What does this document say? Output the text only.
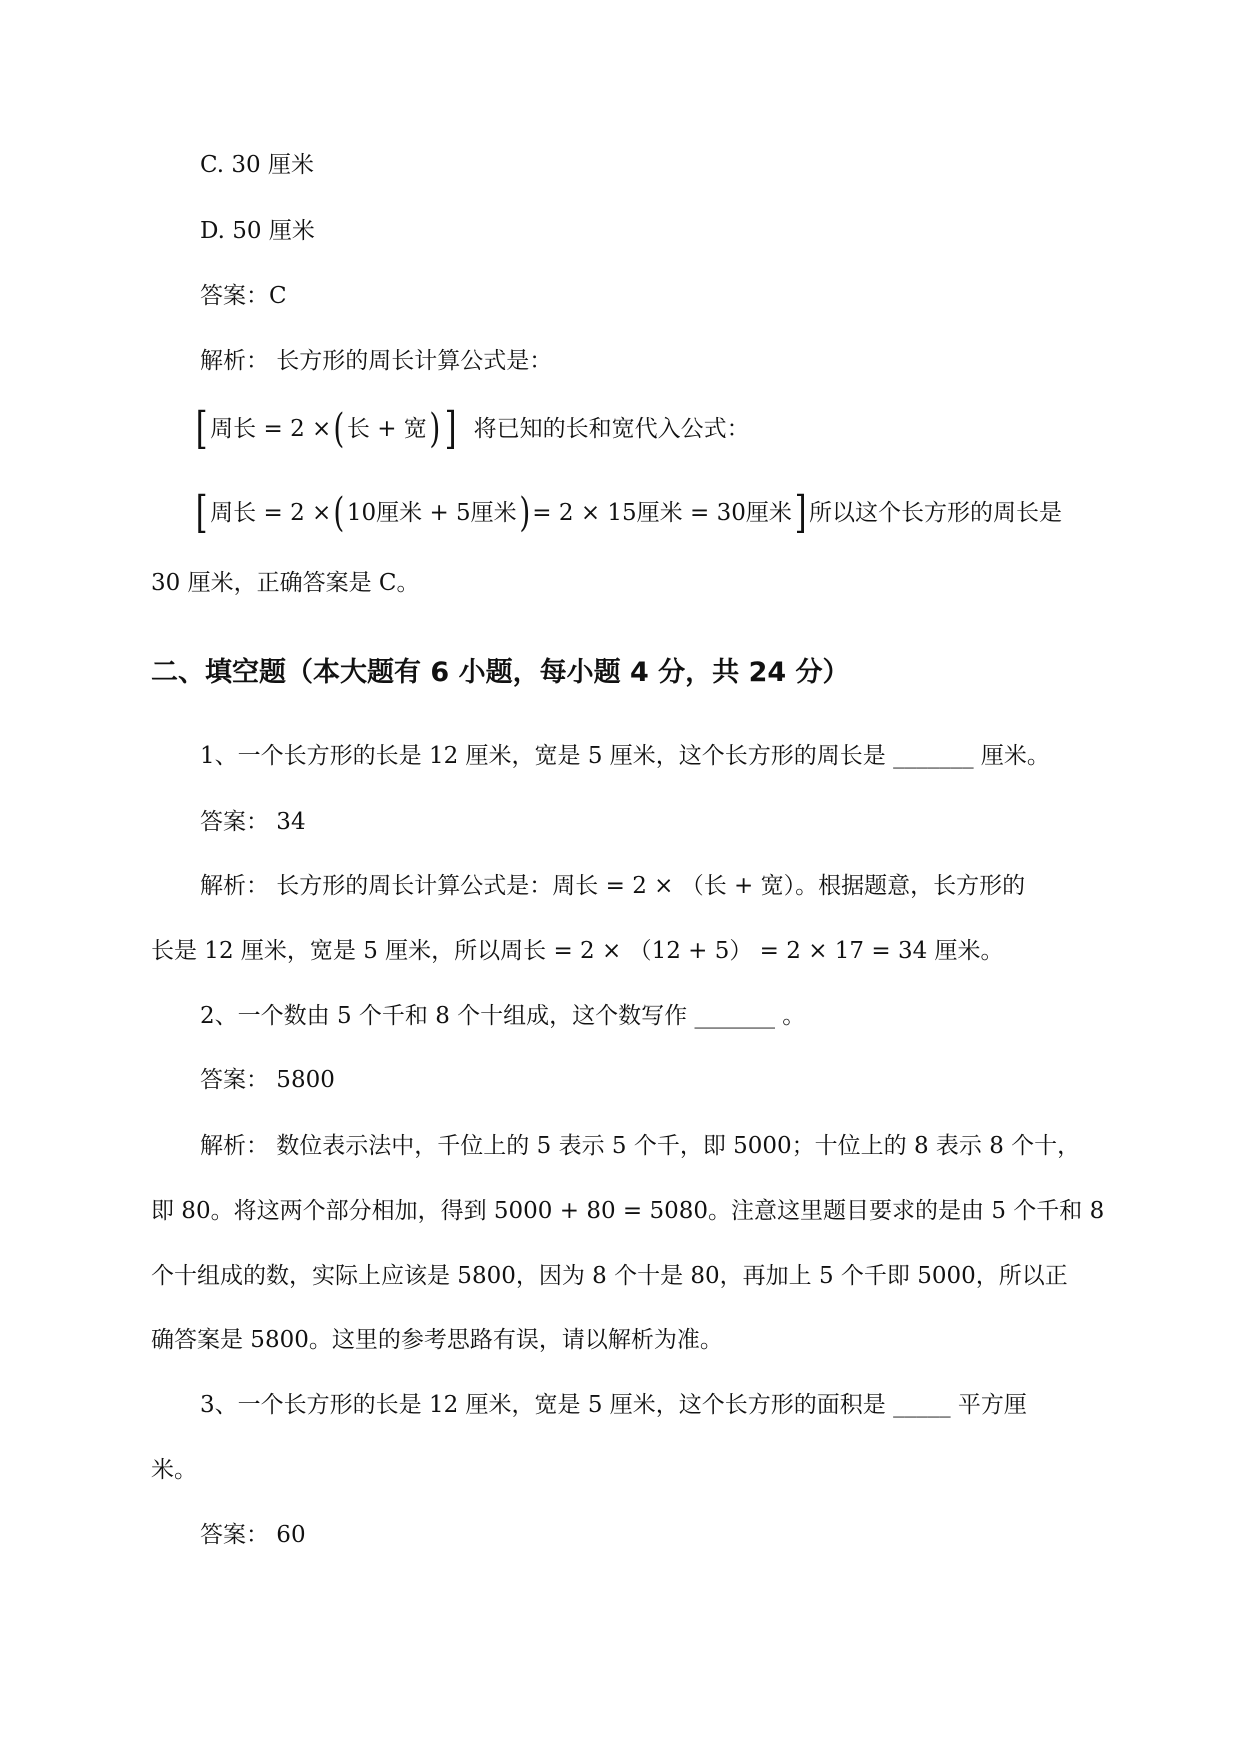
C. 30 厘米
D. 50 厘米
答案：C
解析： 长方形的周长计算公式是：
[ 周长 = 2 × ( 长 + 宽 ) ] 将已知的长和宽代入公式：
[ 周长 = 2 × ( 10厘米 + 5厘米 ) = 2 × 15厘米 = 30厘米 ] 所以这个长方形的周长是
30 厘米，正确答案是 C。
二、填空题（本大题有 6 小题，每小题 4 分，共 24 分）
1、一个长方形的长是 12 厘米，宽是 5 厘米，这个长方形的周长是 _______ 厘米。
答案： 34
解析： 长方形的周长计算公式是：周长 = 2 × （长 + 宽）。根据题意，长方形的
长是 12 厘米，宽是 5 厘米，所以周长 = 2 × （12 + 5） = 2 × 17 = 34 厘米。
2、一个数由 5 个千和 8 个十组成，这个数写作 _______ 。
答案： 5800
解析： 数位表示法中，千位上的 5 表示 5 个千，即 5000；十位上的 8 表示 8 个十，
即 80。将这两个部分相加，得到 5000 + 80 = 5080。注意这里题目要求的是由 5 个千和 8
个十组成的数，实际上应该是 5800，因为 8 个十是 80，再加上 5 个千即 5000，所以正
确答案是 5800。这里的参考思路有误，请以解析为准。
3、一个长方形的长是 12 厘米，宽是 5 厘米，这个长方形的面积是 _____ 平方厘
米。
答案： 60
